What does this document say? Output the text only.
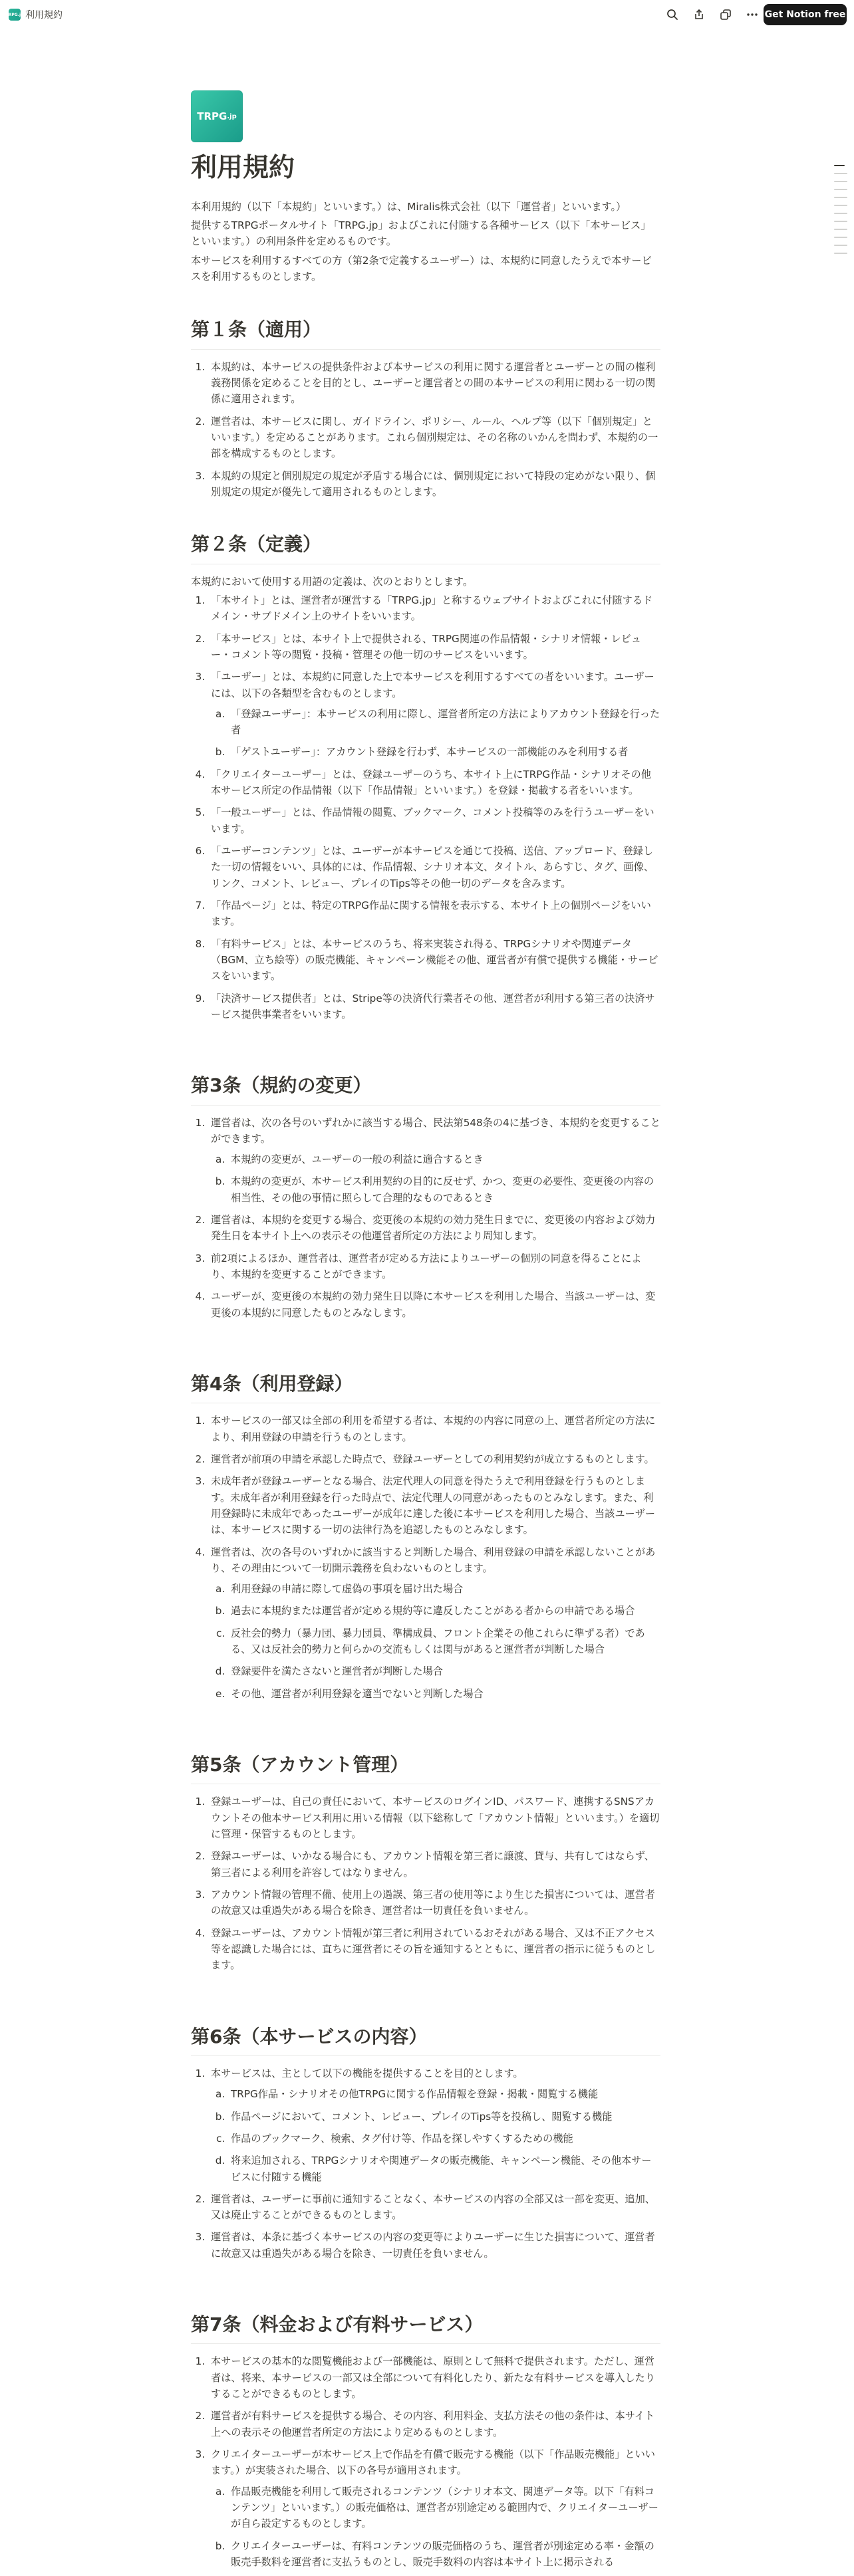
TRPG.jp 利用規約	Get Notion free
TRPG .jp
利用規約

本利用規約（以下「本規約」といいます。）は、Miralis株式会社（以下「運営者」といいます。）

提供するTRPGポータルサイト「TRPG.jp」およびこれに付随する各種サービス（以下「本サービス」といいます。）の利用条件を定めるものです。

本サービスを利用するすべての方（第2条で定義するユーザー）は、本規約に同意したうえで本サービスを利用するものとします。

第１条（適用）
1. 本規約は、本サービスの提供条件および本サービスの利用に関する運営者とユーザーとの間の権利義務関係を定めることを目的とし、ユーザーと運営者との間の本サービスの利用に関わる一切の関係に適用されます。
2. 運営者は、本サービスに関し、ガイドライン、ポリシー、ルール、ヘルプ等（以下「個別規定」といいます。）を定めることがあります。これら個別規定は、その名称のいかんを問わず、本規約の一部を構成するものとします。
3. 本規約の規定と個別規定の規定が矛盾する場合には、個別規定において特段の定めがない限り、個別規定の規定が優先して適用されるものとします。
第２条（定義）

本規約において使用する用語の定義は、次のとおりとします。

1. 「本サイト」とは、運営者が運営する「TRPG.jp」と称するウェブサイトおよびこれに付随するドメイン・サブドメイン上のサイトをいいます。
2. 「本サービス」とは、本サイト上で提供される、TRPG関連の作品情報・シナリオ情報・レビュー・コメント等の閲覧・投稿・管理その他一切のサービスをいいます。
3. 「ユーザー」とは、本規約に同意した上で本サービスを利用するすべての者をいいます。ユーザーには、以下の各類型を含むものとします。
a. 「登録ユーザー」：本サービスの利用に際し、運営者所定の方法によりアカウント登録を行った者
b. 「ゲストユーザー」：アカウント登録を行わず、本サービスの一部機能のみを利用する者
4. 「クリエイターユーザー」とは、登録ユーザーのうち、本サイト上にTRPG作品・シナリオその他本サービス所定の作品情報（以下「作品情報」といいます。）を登録・掲載する者をいいます。
5. 「一般ユーザー」とは、作品情報の閲覧、ブックマーク、コメント投稿等のみを行うユーザーをいいます。
6. 「ユーザーコンテンツ」とは、ユーザーが本サービスを通じて投稿、送信、アップロード、登録した一切の情報をいい、具体的には、作品情報、シナリオ本文、タイトル、あらすじ、タグ、画像、リンク、コメント、レビュー、プレイのTips等その他一切のデータを含みます。
7. 「作品ページ」とは、特定のTRPG作品に関する情報を表示する、本サイト上の個別ページをいいます。
8. 「有料サービス」とは、本サービスのうち、将来実装され得る、TRPGシナリオや関連データ（BGM、立ち絵等）の販売機能、キャンペーン機能その他、運営者が有償で提供する機能・サービスをいいます。
9. 「決済サービス提供者」とは、Stripe等の決済代行業者その他、運営者が利用する第三者の決済サービス提供事業者をいいます。
第3条（規約の変更）
1. 運営者は、次の各号のいずれかに該当する場合、民法第548条の4に基づき、本規約を変更することができます。
a. 本規約の変更が、ユーザーの一般の利益に適合するとき
b. 本規約の変更が、本サービス利用契約の目的に反せず、かつ、変更の必要性、変更後の内容の相当性、その他の事情に照らして合理的なものであるとき
2. 運営者は、本規約を変更する場合、変更後の本規約の効力発生日までに、変更後の内容および効力発生日を本サイト上への表示その他運営者所定の方法により周知します。
3. 前2項によるほか、運営者は、運営者が定める方法によりユーザーの個別の同意を得ることにより、本規約を変更することができます。
4. ユーザーが、変更後の本規約の効力発生日以降に本サービスを利用した場合、当該ユーザーは、変更後の本規約に同意したものとみなします。
第4条（利用登録）
1. 本サービスの一部又は全部の利用を希望する者は、本規約の内容に同意の上、運営者所定の方法により、利用登録の申請を行うものとします。
2. 運営者が前項の申請を承認した時点で、登録ユーザーとしての利用契約が成立するものとします。
3. 未成年者が登録ユーザーとなる場合、法定代理人の同意を得たうえで利用登録を行うものとします。未成年者が利用登録を行った時点で、法定代理人の同意があったものとみなします。また、利用登録時に未成年であったユーザーが成年に達した後に本サービスを利用した場合、当該ユーザーは、本サービスに関する一切の法律行為を追認したものとみなします。
4. 運営者は、次の各号のいずれかに該当すると判断した場合、利用登録の申請を承認しないことがあり、その理由について一切開示義務を負わないものとします。
a. 利用登録の申請に際して虚偽の事項を届け出た場合
b. 過去に本規約または運営者が定める規約等に違反したことがある者からの申請である場合
c. 反社会的勢力（暴力団、暴力団員、準構成員、フロント企業その他これらに準ずる者）である、又は反社会的勢力と何らかの交流もしくは関与があると運営者が判断した場合
d. 登録要件を満たさないと運営者が判断した場合
e. その他、運営者が利用登録を適当でないと判断した場合
第5条（アカウント管理）
1. 登録ユーザーは、自己の責任において、本サービスのログインID、パスワード、連携するSNSアカウントその他本サービス利用に用いる情報（以下総称して「アカウント情報」といいます。）を適切に管理・保管するものとします。
2. 登録ユーザーは、いかなる場合にも、アカウント情報を第三者に譲渡、貸与、共有してはならず、第三者による利用を許容してはなりません。
3. アカウント情報の管理不備、使用上の過誤、第三者の使用等により生じた損害については、運営者の故意又は重過失がある場合を除き、運営者は一切責任を負いません。
4. 登録ユーザーは、アカウント情報が第三者に利用されているおそれがある場合、又は不正アクセス等を認識した場合には、直ちに運営者にその旨を通知するとともに、運営者の指示に従うものとします。
第6条（本サービスの内容）
1. 本サービスは、主として以下の機能を提供することを目的とします。
a. TRPG作品・シナリオその他TRPGに関する作品情報を登録・掲載・閲覧する機能
b. 作品ページにおいて、コメント、レビュー、プレイのTips等を投稿し、閲覧する機能
c. 作品のブックマーク、検索、タグ付け等、作品を探しやすくするための機能
d. 将来追加される、TRPGシナリオや関連データの販売機能、キャンペーン機能、その他本サービスに付随する機能
2. 運営者は、ユーザーに事前に通知することなく、本サービスの内容の全部又は一部を変更、追加、又は廃止することができるものとします。
3. 運営者は、本条に基づく本サービスの内容の変更等によりユーザーに生じた損害について、運営者に故意又は重過失がある場合を除き、一切責任を負いません。
第7条（料金および有料サービス）
1. 本サービスの基本的な閲覧機能および一部機能は、原則として無料で提供されます。ただし、運営者は、将来、本サービスの一部又は全部について有料化したり、新たな有料サービスを導入したりすることができるものとします。
2. 運営者が有料サービスを提供する場合、その内容、利用料金、支払方法その他の条件は、本サイト上への表示その他運営者所定の方法により定めるものとします。
3. クリエイターユーザーが本サービス上で作品を有償で販売する機能（以下「作品販売機能」といいます。）が実装された場合、以下の各号が適用されます。
a. 作品販売機能を利用して販売されるコンテンツ（シナリオ本文、関連データ等。以下「有料コンテンツ」といいます。）の販売価格は、運営者が別途定める範囲内で、クリエイターユーザーが自ら設定するものとします。
b. クリエイターユーザーは、有料コンテンツの販売価格のうち、運営者が別途定める率・金額の販売手数料を運営者に支払うものとし、販売手数料の内容は本サイト上に掲示される
